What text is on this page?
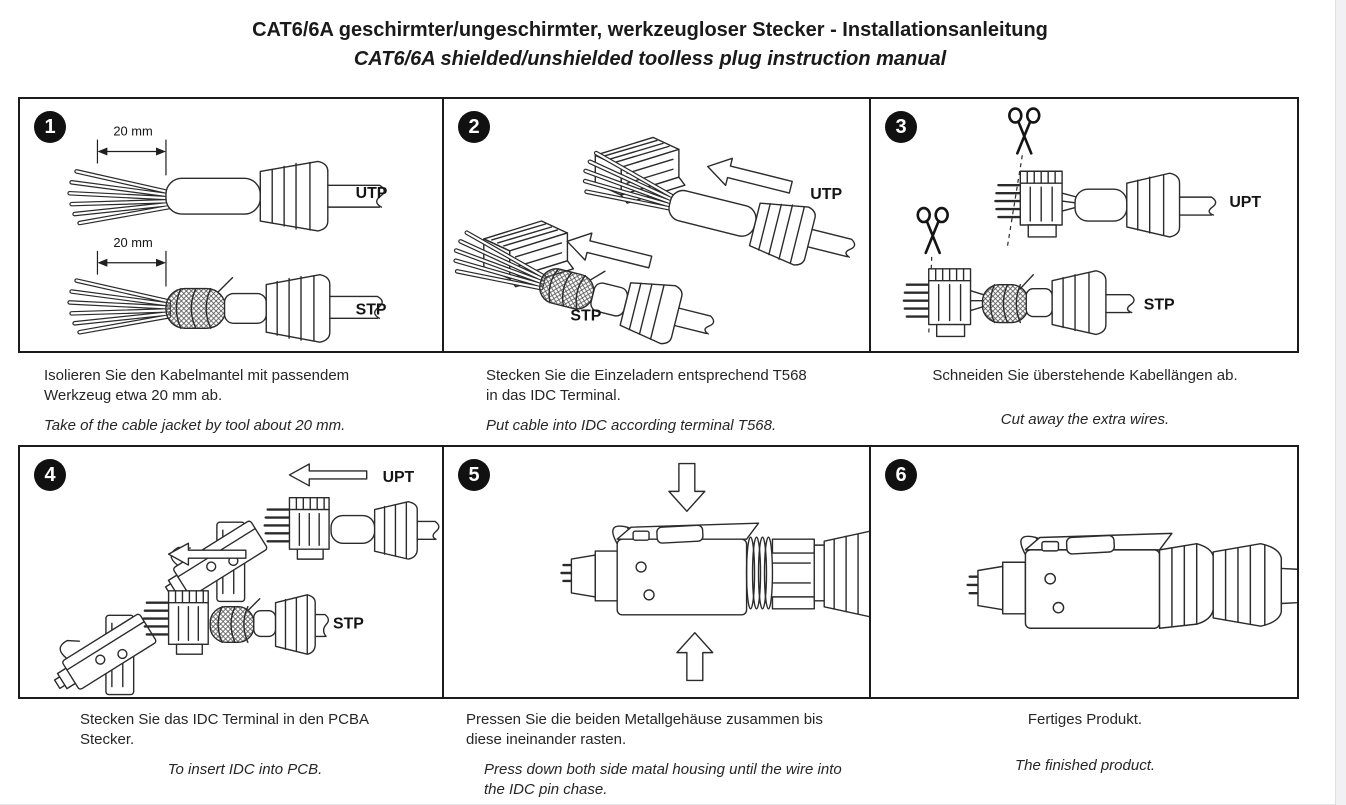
CAT6/6A geschirmter/ungeschirmter, werkzeugloser Stecker - Installationsanleitung
CAT6/6A shielded/unshielded toolless plug instruction manual
1	20 mm
UTP
20 mm
STP
2
UTP
STP
3
UPT
STP

Isolieren Sie den Kabelmantel mit passendem Werkzeug etwa 20 mm ab.

Take of the cable jacket by tool about 20 mm.

Stecken Sie die Einzeladern entsprechend T568 in das IDC Terminal.

Put cable into IDC according terminal T568.

Schneiden Sie überstehende Kabellängen ab.

Cut away the extra wires.

4	UPT
STP
5	6

Stecken Sie das IDC Terminal in den PCBA Stecker.

To insert IDC into PCB.

Pressen Sie die beiden Metallgehäuse zusammen bis diese ineinander rasten.

Press down both side matal housing until the wire into the IDC pin chase.

Fertiges Produkt.

The finished product.
